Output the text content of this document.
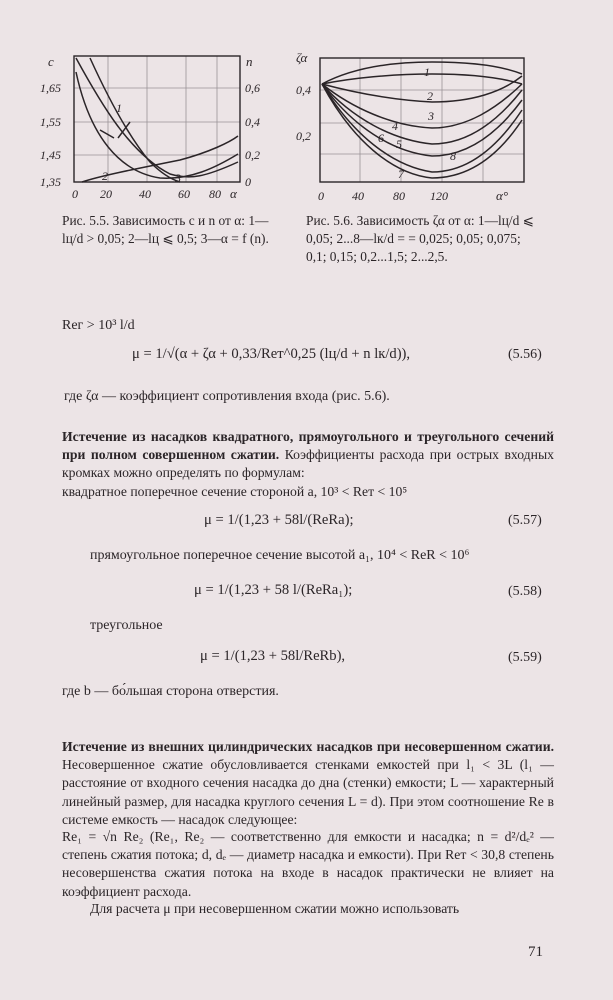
c	n
1,65
1,55
1,45
1,35
0,6
0,4
0,2
0
0 20 40 60 80 α
1
2	3
ζα
0,4
0,2
0 40 80 120	α°
1
2
3
4
5
6
7
8
Рис. 5.5. Зависимость c и n от α: 1—lц/d > 0,05; 2—lц ⩽ 0,5; 3—α = f (n).
Рис. 5.6. Зависимость ζα от α: 1—lц/d ⩽ 0,05; 2...8—lк/d = = 0,025; 0,05; 0,075; 0,1; 0,15; 0,2...1,5; 2...2,5.
Reг > 10³ l/d
μ = 1/√(α + ζα + 0,33/Reт^0,25 (lц/d + n lк/d)),	(5.56)
где ζα — коэффициент сопротивления входа (рис. 5.6).
Истечение из насадков квадратного, прямоугольного и треугольного сечений при полном совершенном сжатии. Коэффициенты расхода при острых входных кромках можно определять по формулам:
квадратное поперечное сечение стороной a, 10³ < Reт < 10⁵
μ = 1/(1,23 + 58l/(ReRa);	(5.57)
прямоугольное поперечное сечение высотой a₁, 10⁴ < ReR < 10⁶
μ = 1/(1,23 + 58 l/(ReRa₁);	(5.58)
треугольное
μ = 1/(1,23 + 58l/ReRb),	(5.59)
где b — бо́льшая сторона отверстия.
Истечение из внешних цилиндрических насадков при несовершенном сжатии. Несовершенное сжатие обусловливается стенками емкостей при l₁ < 3L (l₁ — расстояние от входного сечения насадка до дна (стенки) емкости; L — характерный линейный размер, для насадка круглого сечения L = d). При этом соотношение Re в системе емкость — насадок следующее:
Re₁ = √n Re₂ (Re₁, Re₂ — соответственно для емкости и насадка; n = d²/dₑ² — степень сжатия потока; d, dₑ — диаметр насадка и емкости). При Reт < 30,8 степень несовершенства сжатия потока на входе в насадок практически не влияет на коэффициент расхода.
Для расчета μ при несовершенном сжатии можно использовать
71
